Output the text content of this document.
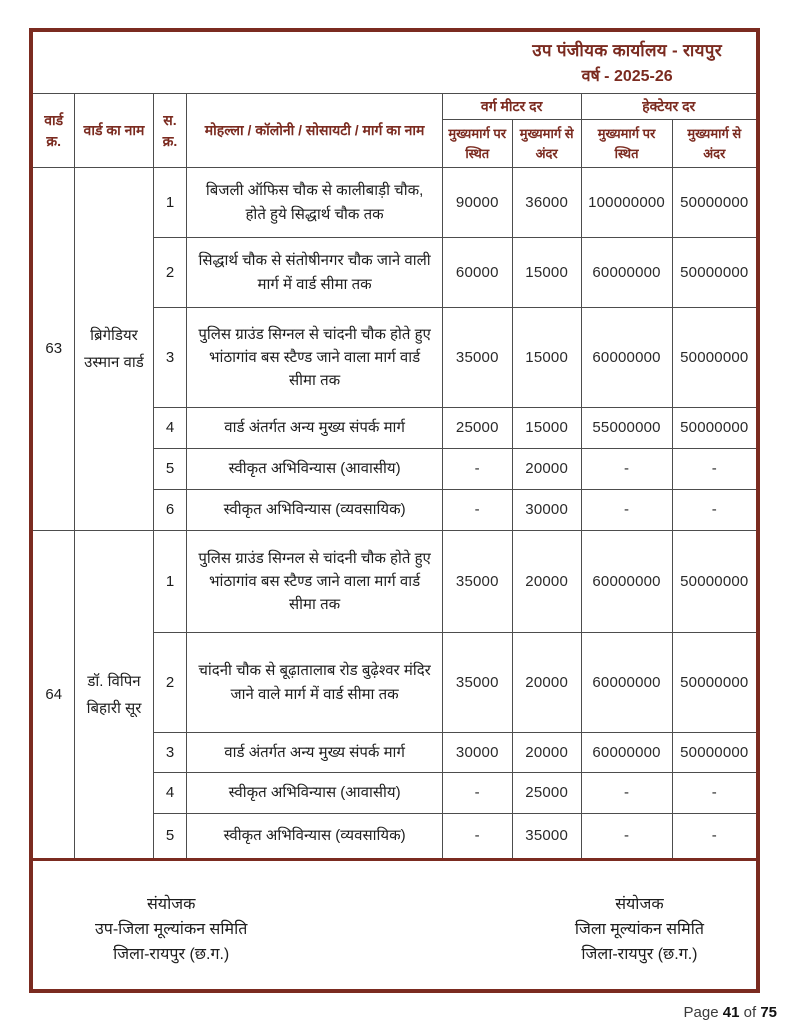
उप पंजीयक कार्यालय - रायपुर
वर्ष - 2025-26
वार्ड क्र.	वार्ड का नाम	स. क्र.	मोहल्ला / कॉलोनी / सोसायटी / मार्ग का नाम	वर्ग मीटर दर		हेक्टेयर दर	
				मुख्यमार्ग पर स्थित	मुख्यमार्ग से अंदर	मुख्यमार्ग पर स्थित	मुख्यमार्ग से अंदर
63	ब्रिगेडियर उस्मान वार्ड	1	बिजली ऑफिस चौक से कालीबाड़ी चौक, होते हुये सिद्धार्थ चौक तक	90000	36000	100000000	50000000
		2	सिद्धार्थ चौक से संतोषीनगर चौक जाने वाली मार्ग में वार्ड सीमा तक	60000	15000	60000000	50000000
		3	पुलिस ग्राउंड सिग्नल से चांदनी चौक होते हुए भांठागांव बस स्टैण्ड जाने वाला मार्ग वार्ड सीमा तक	35000	15000	60000000	50000000
		4	वार्ड अंतर्गत अन्य मुख्य संपर्क मार्ग	25000	15000	55000000	50000000
		5	स्वीकृत अभिविन्यास (आवासीय)	-	20000	-	-
		6	स्वीकृत अभिविन्यास (व्यवसायिक)	-	30000	-	-
64	डॉ. विपिन बिहारी सूर	1	पुलिस ग्राउंड सिग्नल से चांदनी चौक होते हुए भांठागांव बस स्टैण्ड जाने वाला मार्ग वार्ड सीमा तक	35000	20000	60000000	50000000
		2	चांदनी चौक से बूढ़ातालाब रोड बुढ़ेश्वर मंदिर जाने वाले मार्ग में वार्ड सीमा तक	35000	20000	60000000	50000000
		3	वार्ड अंतर्गत अन्य मुख्य संपर्क मार्ग	30000	20000	60000000	50000000
		4	स्वीकृत अभिविन्यास (आवासीय)	-	25000	-	-
		5	स्वीकृत अभिविन्यास (व्यवसायिक)	-	35000	-	-
संयोजक
उप-जिला मूल्यांकन समिति
जिला-रायपुर (छ.ग.)
संयोजक
जिला मूल्यांकन समिति
जिला-रायपुर (छ.ग.)
Page 41 of 75
